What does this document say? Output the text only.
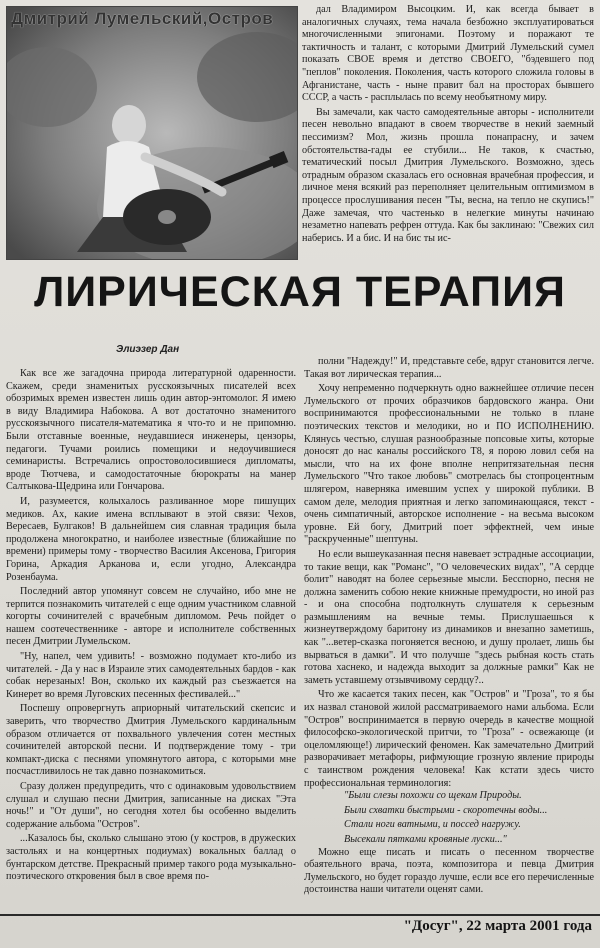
Дмитрий Лумельский,Остров	дал Владимиром Высоцким. И, как всегда бывает в аналогичных случаях, тема начала безбожно эксплуатироваться многочисленными эпигонами. Поэтому и поражают те тактичность и талант, с которыми Дмитрий Лумельский сумел показать СВОЕ время и детство СВОЕГО, "бэдевшего под "пеплов" поколения. Поколения, часть которого сложила головы в Афганистане, часть - ныне правит бал на просторах бывшего СССР, а часть - расплылась по всему необъятному миру.

Вы замечали, как часто самодеятельные авторы - исполнители песен невольно впадают в своем творчестве в некий заемный пессимизм? Мол, жизнь прошла понапрасну, и зачем обстоятельства-гады ее стубили... Не таков, к счастью, тематический посыл Дмитрия Лумельского. Возможно, здесь отрадным образом сказалась его основная врачебная профессия, и личное меня всякий раз переполняет целительным оптимизмом в процессе прослушивания песен "Ты, весна, на тепло не скупись!" Даже замечая, что частенько в нелегкие минуты начинаю незаметно напевать рефрен оттуда. Как бы заклинаю: "Свежих сил наберись. И а бис. И на бис ты ис-

ЛИРИЧЕСКАЯ ТЕРАПИЯ
Элиэзер Дан

Как все же загадочна природа литературной одаренности. Скажем, среди знаменитых русскоязычных писателей всех обозримых времен известен лишь один автор-энтомолог. Я имею в виду Владимира Набокова. А вот достаточно знаменитого русскоязычного писателя-математика я что-то и не припомню. Были отставные военные, неудавшиеся инженеры, цензоры, педагоги. Тучами роились помещики и недоучившиеся семинаристы. Встречались опростоволосившиеся дипломаты, вроде Тютчева, и самодостаточные бюрократы на манер Салтыкова-Щедрина или Гончарова.

И, разумеется, колыхалось разливанное море пишущих медиков. Ах, какие имена всплывают в этой связи: Чехов, Вересаев, Булгаков! В дальнейшем сия славная традиция была продолжена многократно, и наиболее известные (ближайшие по времени) примеры тому - творчество Василия Аксенова, Григория Горина, Аркадия Арканова и, если угодно, Александра Розенбаума.

Последний автор упомянут совсем не случайно, ибо мне не терпится познакомить читателей с еще одним участником славной когорты сочинителей с врачебным дипломом. Речь пойдет о нашем соотечественнике - авторе и исполнителе собственных песен Дмитрии Лумельском.

"Ну, напел, чем удивить! - возможно подумает кто-либо из читателей. - Да у нас в Израиле этих самодеятельных бардов - как собак нерезаных! Вон, сколько их каждый раз съезжается на Кинерет во время Луговских песенных фестивалей..."

Поспешу опровергнуть априорный читательский скепсис и заверить, что творчество Дмитрия Лумельского кардинальным образом отличается от похвального увлечения сотен местных сочинителей авторской песни. И подтверждение тому - три компакт-диска с песнями упомянутого автора, с которыми мне посчастливилось не так давно познакомиться.

Сразу должен предупредить, что с одинаковым удовольствием слушал и слушаю песни Дмитрия, записанные на дисках "Эта ночь!" и "От души", но сегодня хотел бы особенно выделить содержание альбома "Остров".

...Казалось бы, сколько слышано этою (у костров, в дружеских застольях и на концертных подиумах) вокальных баллад о бунтарском детстве. Прекрасный пример такого рода музыкально-поэтического откровения был в свое время по-

полни "Надежду!" И, представьте себе, вдруг становится легче. Такая вот лирическая терапия...

Хочу непременно подчеркнуть одно важнейшее отличие песен Лумельского от прочих образчиков бардовского жанра. Они воспринимаются профессиональными не только в плане поэтических текстов и мелодики, но и ПО ИСПОЛНЕНИЮ. Клянусь честью, слушая разнообразные попсовые хиты, которые доносят до нас каналы российского Т8, я порою ловил себя на мысли, что на их фоне вполне непритязательная песня Лумельского "Что такое любовь" смотрелась бы стопроцентным шлягером, наверняка имевшим успех у широкой публики. В самом деле, мелодия приятная и легко запоминающаяся, текст - очень симпатичный, авторское исполнение - на весьма высоком уровне. Ей богу, Дмитрий поет эффектней, чем иные "раскрученные" шептуны.

Но если вышеуказанная песня навевает эстрадные ассоциации, то такие вещи, как "Романс", "О человеческих видах", "А сердце болит" наводят на более серьезные мысли. Бесспорно, песня не должна заменить собою некие книжные премудрости, но иной раз - и она способна подтолкнуть слушателя к серьезным размышлениям на вечные темы. Прислушаешься к жизнеутверждому баритону из динамиков и внезапно заметишь, как "...ветер-сказка погоняется весною, и душу пролает, лишь бы вырваться в дамки". И что получше "здесь рыбная кость стать готова хаснеко, и надежда выходит за должные рамки" Как не заметь уставшему отзывчивому сердцу?..

Что же касается таких песен, как "Остров" и "Гроза", то я бы их назвал становой жилой рассматриваемого нами альбома. Если "Остров" воспринимается в первую очередь в качестве мощной философско-экологической притчи, то "Гроза" - освежающе (и оцеломляюще!) лирический феномен. Как замечательно Дмитрий разворачивает метафоры, рифмующие грозную явление природы с таинством рождения человека! Как кстати здесь чисто профессиональная терминология:

"Были слезы похожи со щекам Природы.

Были схватки быстрыми - скоротечны воды...

Стали ноги ватными, и поссед нагружу.

Высекали пятками кровяные луски..."

Можно еще писать и писать о песенном творчестве обаятельного врача, поэта, композитора и певца Дмитрия Лумельского, но будет гораздо лучше, если все его перечисленные достоинства наши читатели оценят сами.

"Досуг", 22 марта 2001 года
